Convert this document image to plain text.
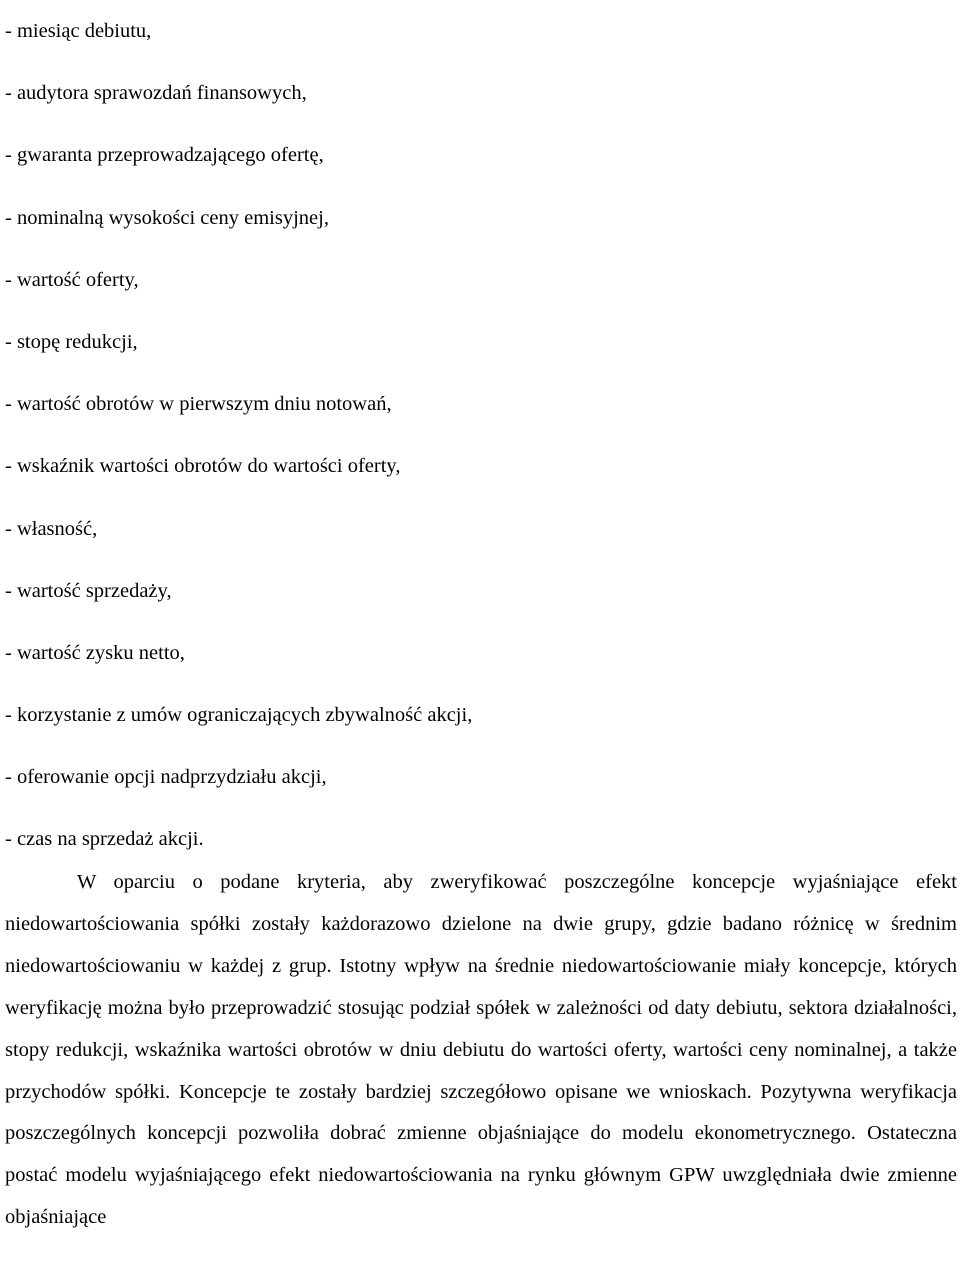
- miesiąc debiutu,
- audytora sprawozdań finansowych,
- gwaranta przeprowadzającego ofertę,
- nominalną wysokości ceny emisyjnej,
- wartość oferty,
- stopę redukcji,
- wartość obrotów w pierwszym dniu notowań,
- wskaźnik wartości obrotów do wartości oferty,
- własność,
- wartość sprzedaży,
- wartość zysku netto,
- korzystanie z umów ograniczających zbywalność akcji,
- oferowanie opcji nadprzydziału akcji,
- czas na sprzedaż akcji.

W oparciu o podane kryteria, aby zweryfikować poszczególne koncepcje wyjaśniające efekt niedowartościowania spółki zostały każdorazowo dzielone na dwie grupy, gdzie badano różnicę w średnim niedowartościowaniu w każdej z grup. Istotny wpływ na średnie niedowartościowanie miały koncepcje, których weryfikację można było przeprowadzić stosując podział spółek w zależności od daty debiutu, sektora działalności, stopy redukcji, wskaźnika wartości obrotów w dniu debiutu do wartości oferty, wartości ceny nominalnej, a także przychodów spółki. Koncepcje te zostały bardziej szczegółowo opisane we wnioskach. Pozytywna weryfikacja poszczególnych koncepcji pozwoliła dobrać zmienne objaśniające do modelu ekonometrycznego. Ostateczna postać modelu wyjaśniającego efekt niedowartościowania na rynku głównym GPW uwzględniała dwie zmienne objaśniające
